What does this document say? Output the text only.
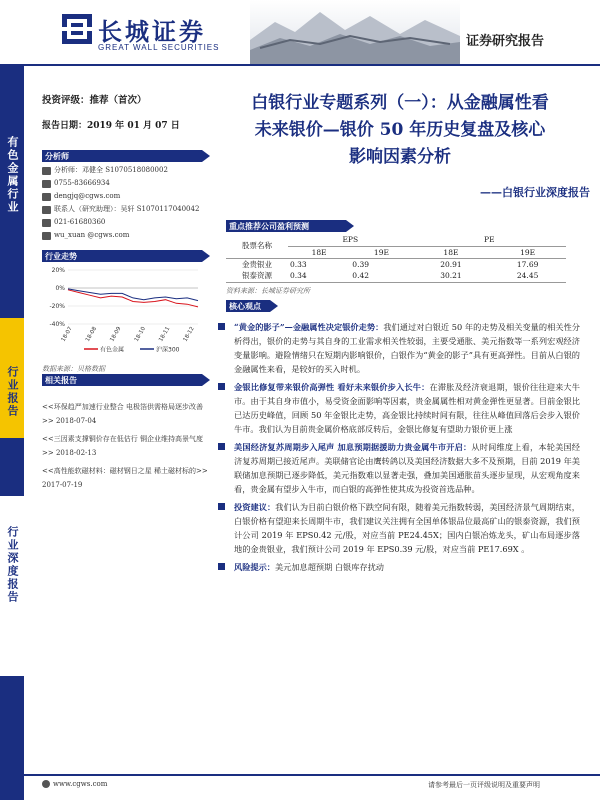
长城证券
GREAT WALL SECURITIES	证券研究报告
有色金属行业
行业报告
行业深度报告
投资评级：推荐（首次）
报告日期：2019 年 01 月 07 日
分析师
分析师：邓健全 S1070518080002
0755-83666934
dengjq@cgws.com
联系人（研究助理）：吴轩 S1070117040042
021-61680360
wu_xuan @cgws.com
行业走势
20%
0%
-20%
-40%
18-07 18-08 18-09 18-10 18-11 18-12
有色金属	沪深300
数据来源：贝格数据
相关报告
<<环保趋严加速行业整合 电极箔供需格局逐步改善>> 2018-07-04
<<三因素支撑铜价存在低估行 铜企业维持高景气度>> 2018-02-13
<<高性能软磁材料：磁材钢日之星 稀土磁材标的>> 2017-07-19
白银行业专题系列（一）：从金融属性看
未来银价—银价 50 年历史复盘及核心
影响因素分析
——白银行业深度报告
重点推荐公司盈利预测
股票名称	EPS		PE	
	18E	19E	18E	19E
金贵银业	0.33	0.39	20.91	17.69
银泰资源	0.34	0.42	30.21	24.45
资料来源：长城证券研究所
核心观点
“黄金的影子”—金融属性决定银价走势：我们通过对白银近 50 年的走势及相关变量的相关性分析得出，银价的走势与其自身的工业需求相关性较弱，主要受通胀、美元指数等一系列宏观经济变量影响。避险情绪只在短期内影响银价，白银作为“黄金的影子”具有更高弹性。目前从白银的金融属性来看，是较好的买入时机。
金银比修复带来银价高弹性 看好未来银价步入长牛：在滞胀及经济衰退期，银价往往迎来大牛市。由于其自身市值小，易受资金面影响等因素，贵金属属性相对黄金弹性更显著。目前金银比已达历史峰值，回顾 50 年金银比走势，高金银比持续时间有限，往往从峰值回落后会步入银价牛市。我们认为目前贵金属价格底部反转后，金银比修复有望助力银价更上涨
美国经济复苏周期步入尾声 加息预期据援助力贵金属牛市开启：从时间维度上看，本轮美国经济复苏周期已接近尾声。美联储官论由鹰转鸽以及美国经济数据大多不及预期，目前 2019 年美联储加息预期已逐步降低，美元指数难以显著走强，叠加美国通胀苗头逐步显现，从宏观角度来看，贵金属有望步入牛市，而白银的高弹性使其成为投资首选品种。
投资建议：我们认为目前白银价格下跌空间有限，随着美元指数转弱，美国经济景气周期结束，白银价格有望迎来长周期牛市，我们建议关注拥有全国单体银品位最高矿山的银泰资源，我们预计公司 2019 年 EPS0.42 元/股，对应当前 PE24.45X；国内白银冶炼龙头，矿山布局逐步落地的金贵银业，我们预计公司 2019 年 EPS0.39 元/股，对应当前 PE17.69X 。
风险提示：美元加息超预期 白银库存扰动
www.cgws.com	请参考最后一页评级说明及重要声明
